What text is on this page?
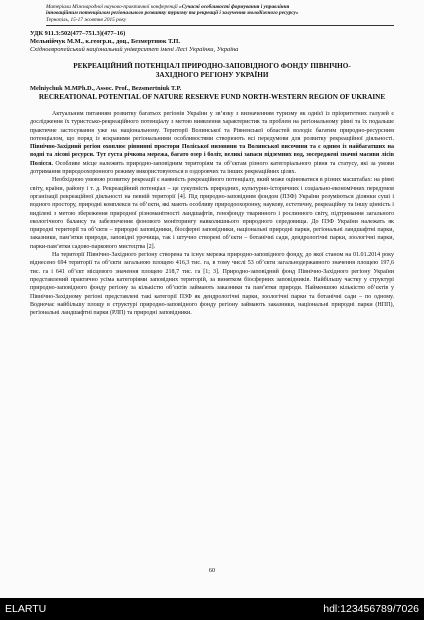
Матеріали Міжнародної науково-практичної конференції «Сучасні особливості формування і управління
інноваційним потенціалом регіонального розвитку туризму та рекреації і залучення молодіжного ресурсу»
Тернопіль, 15-17 жовтня 2015 року
УДК 911.3:502(477–751.3)(477–16)
Мельнійчук М.М., к.геогр.н., доц., Безмертнюк Т.П.
Східноєвропейський національний університет імені Лесі Українки, Україна
РЕКРЕАЦІЙНИЙ ПОТЕНЦІАЛ ПРИРОДНО-ЗАПОВІДНОГО ФОНДУ ПІВНІЧНО-ЗАХІДНОГО РЕГІОНУ УКРАЇНИ
Melniychuk M.MPh.D., Assoc. Prof., Bezsmertniuk T.P.
RECREATIONAL POTENTIAL OF NATURE RESERVE FUND NORTH-WESTERN REGION OF UKRAINE

Актуальним питанням розвитку багатьох регіонів України у зв’язку з визначенням туризму як однієї із пріоритетних галузей є дослідження їх туристсько-рекреаційного потенціалу з метою виявлення характеристик та проблем на регіональному рівні та їх подальше практичне застосування уже на національному. Території Волинської та Рівненської областей володіє багатим природно-ресурсним потенціалом, що поряд із яскравими регіональними особливостями створюють всі передумови для розвитку рекреаційної діяльності. Північно-Західний регіон охоплює рівнинні простори Поліської низовини та Волинської височини та є одним із найбагатших на водні та лісові ресурси. Тут густа річкова мережа, багато озер і боліт, великі запаси підземних вод, зосереджені значні масиви лісів Полісся. Особливе місце належить природно-заповідним територіям та об’єктам різного категоріального рівня та статусу, які за умови дотримання природоохоронного режиму використовуються в оздоровчих та інших рекреаційних цілях.

Необхідною умовою розвитку рекреації є наявність рекреаційного потенціалу, який може оцінюватися в різних масштабах: на рівні світу, країни, району і т. д. Рекреаційний потенціал – це сукупність природних, культурно-історичних і соціально-економічних передумов організації рекреаційної діяльності на певній території [4]. Під природно-заповідним фондом (ПЗФ) України розуміються ділянки суші і водного простору, природні комплекси та об’єкти, які мають особливу природоохоронну, наукову, естетичну, рекреаційну та іншу цінність і виділені з метою збереження природної різноманітності ландшафтів, генофонду тваринного і рослинного світу, підтримання загального екологічного балансу та забезпечення фонового моніторингу навколишнього природного середовища. До ПЗФ України належать як природні території та об’єкти – природні заповідники, біосферні заповідники, національні природні парки, регіональні ландшафтні парки, заказники, пам’ятки природи, заповідні урочища, так і штучно створені об’єкти – ботанічні сади, дендрологічні парки, зоологічні парки, парки-пам’ятки садово-паркового мистецтва [2].

На території Північно-Західного регіону створена та існує мережа природно-заповідного фонду, до якої станом на 01.01.2014 року віднесено 694 території та об’єкти загальною площею 416,3 тис. га, в тому числі 53 об’єкти загальнодержавного значення площею 197,6 тис. га і 641 об’єкт місцевого значення площею 218,7 тис. га [1; 3]. Природно-заповідний фонд Північно-Західного регіону України представлений практично усіма категоріями заповідних територій, за винятком біосферних заповідників. Найбільшу частку у структурі природно-заповідного фонду регіону за кількістю об’єктів займають заказники та пам’ятки природи. Найменшою кількістю об’єктів у Північно-Західному регіоні представлені такі категорії ПЗФ як дендрологічні парки, зоологічні парки та ботанічні сади – по одному. Водночас найбільшу площу в структурі природно-заповідного фонду регіону займають заказники, національні природні парки (НПП), регіональні ландшафтні парки (РЛП) та природні заповідники.

60
ELARTU	hdl:123456789/7026
